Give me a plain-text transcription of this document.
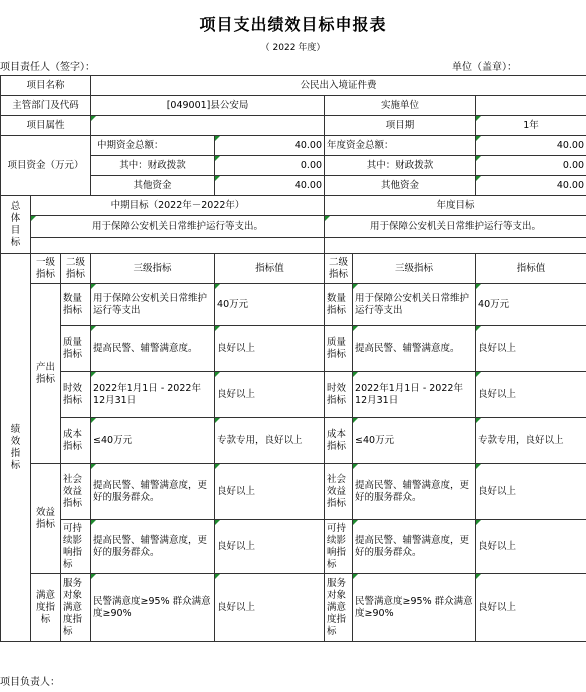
项目支出绩效目标申报表
（ 2022 年度）
项目责任人（签字）：	单位（盖章）：
项目名称			公民出入境证件费				
主管部门及代码			[049001]县公安局		实施单位		
项目属性					项目期		1年
项目资金（万元）			中期资金总额：	40.00	年度资金总额：		40.00
			其中：财政拨款	0.00	其中：财政拨款		0.00
			其他资金	40.00	其他资金		40.00
总体目标	中期目标（2022年－2022年）				年度目标		
	用于保障公安机关日常维护运行等支出。				用于保障公安机关日常维护运行等支出。		

绩效指标	一级指标	二级指标	三级指标	指标值	二级指标	三级指标	指标值
	产出指标	数量指标	用于保障公安机关日常维护运行等支出	40万元	数量指标	用于保障公安机关日常维护运行等支出	40万元
		质量指标	提高民警、辅警满意度。	良好以上	质量指标	提高民警、辅警满意度。	良好以上
		时效指标	2022年1月1日 - 2022年12月31日	良好以上	时效指标	2022年1月1日 - 2022年12月31日	良好以上
		成本指标	≤40万元	专款专用，良好以上	成本指标	≤40万元	专款专用，良好以上
	效益指标	社会效益指标	提高民警、辅警满意度，更好的服务群众。	良好以上	社会效益指标	提高民警、辅警满意度，更好的服务群众。	良好以上
		可持续影响指标	提高民警、辅警满意度，更好的服务群众。	良好以上	可持续影响指标	提高民警、辅警满意度，更好的服务群众。	良好以上
	满意度指标	服务对象满意度指标	民警满意度≥95% 群众满意度≥90%	良好以上	服务对象满意度指标	民警满意度≥95% 群众满意度≥90%	良好以上
项目负责人：
